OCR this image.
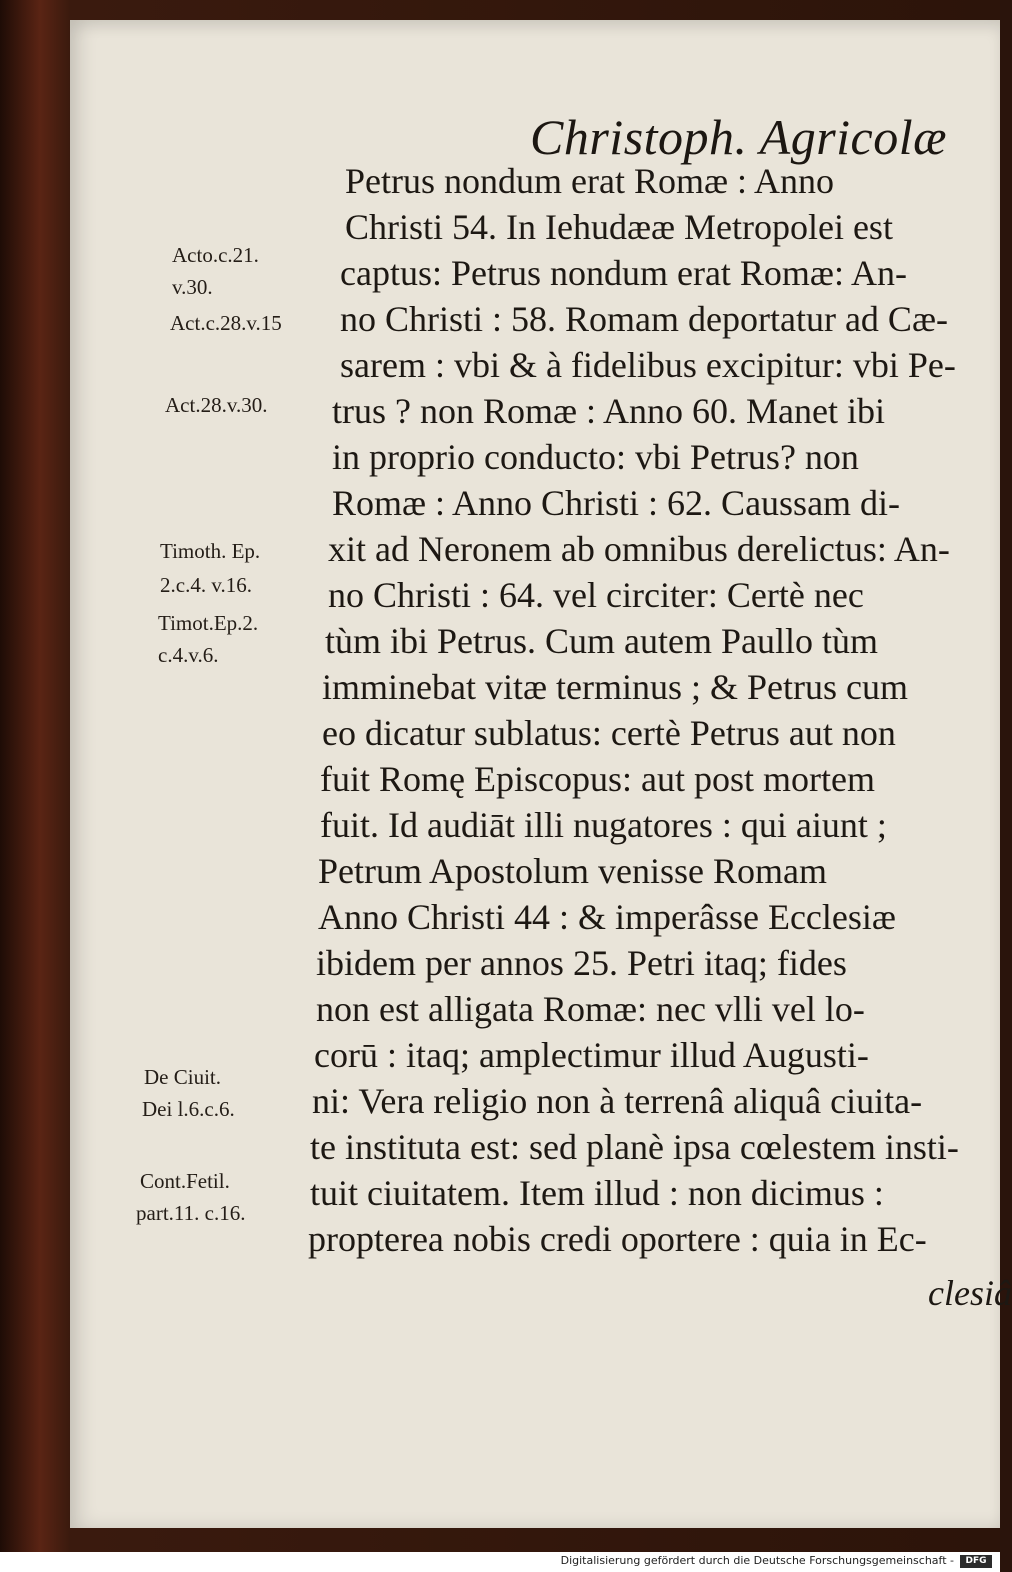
Christoph. Agricolæ
Petrus nondum erat Romæ : Anno
Christi 54. In Iehudææ Metropolei est
captus: Petrus nondum erat Romæ: An-
no Christi : 58. Romam deportatur ad Cæ-
sarem : vbi & à fidelibus excipitur: vbi Pe-
trus ? non Romæ : Anno 60. Manet ibi
in proprio conducto: vbi Petrus? non
Romæ : Anno Christi : 62. Caussam di-
xit ad Neronem ab omnibus derelictus: An-
no Christi : 64. vel circiter: Certè nec
tùm ibi Petrus. Cum autem Paullo tùm
imminebat vitæ terminus ; & Petrus cum
eo dicatur sublatus: certè Petrus aut non
fuit Romę Episcopus: aut post mortem
fuit. Id audiāt illi nugatores : qui aiunt ;
Petrum Apostolum venisse Romam
Anno Christi 44 : & imperâsse Ecclesiæ
ibidem per annos 25. Petri itaq; fides
non est alligata Romæ: nec vlli vel lo-
corū : itaq; amplectimur illud Augusti-
ni: Vera religio non à terrenâ aliquâ ciuita-
te instituta est: sed planè ipsa cœlestem insti-
tuit ciuitatem. Item illud : non dicimus :
propterea nobis credi oportere : quia in Ec-
clesiâ
Acto.c.21.
v.30.
Act.c.28.v.15
Act.28.v.30.
Timoth. Ep.
2.c.4. v.16.
Timot.Ep.2.
c.4.v.6.
De Ciuit.
Dei l.6.c.6.
Cont.Fetil.
part.11. c.16.
Digitalisierung gefördert durch die Deutsche Forschungsgemeinschaft -	DFG
